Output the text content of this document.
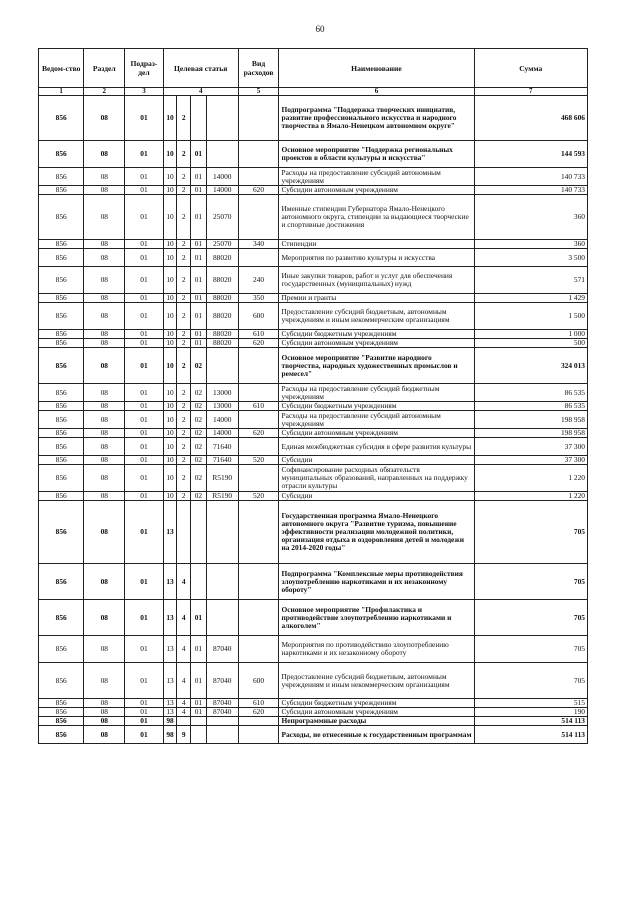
60
Ведом-ство	Раздел	Подраз-дел	Целевая статья				Вид расходов	Наименование	Сумма
1	2	3	4				5	6	7
856	08	01	10	2				Подпрограмма "Поддержка творческих инициатив, развитие профессионального искусства и народного творчества в Ямало-Ненецком автономном округе"	468 606
856	08	01	10	2	01			Основное мероприятие "Поддержка региональных проектов в области культуры и искусства"	144 593
856	08	01	10	2	01	14000		Расходы на предоставление субсидий автономным учреждениям	140 733
856	08	01	10	2	01	14000	620	Субсидии автономным учреждениям	140 733
856	08	01	10	2	01	25070		Именные стипендии Губернатора Ямало-Ненецкого автономного округа, стипендии за выдающиеся творческие и спортивные достижения	360
856	08	01	10	2	01	25070	340	Стипендии	360
856	08	01	10	2	01	88020		Мероприятия по развитию культуры и искусства	3 500
856	08	01	10	2	01	88020	240	Иные закупки товаров, работ и услуг для обеспечения государственных (муниципальных) нужд	571
856	08	01	10	2	01	88020	350	Премии и гранты	1 429
856	08	01	10	2	01	88020	600	Предоставление субсидий бюджетным, автономным учреждениям и иным некоммерческим организациям	1 500
856	08	01	10	2	01	88020	610	Субсидии бюджетным учреждениям	1 000
856	08	01	10	2	01	88020	620	Субсидии автономным учреждениям	500
856	08	01	10	2	02			Основное мероприятие "Развитие народного творчества, народных художественных промыслов и ремесел"	324 013
856	08	01	10	2	02	13000		Расходы на предоставление субсидий бюджетным учреждениям	86 535
856	08	01	10	2	02	13000	610	Субсидии бюджетным учреждениям	86 535
856	08	01	10	2	02	14000		Расходы на предоставление субсидий автономным учреждениям	198 958
856	08	01	10	2	02	14000	620	Субсидии автономным учреждениям	198 958
856	08	01	10	2	02	71640		Единая межбюджетная субсидия в сфере развития культуры	37 300
856	08	01	10	2	02	71640	520	Субсидии	37 300
856	08	01	10	2	02	R5190		Софинансирование расходных обязательств муниципальных образований, направленных на поддержку отрасли культуры	1 220
856	08	01	10	2	02	R5190	520	Субсидии	1 220
856	08	01	13					Государственная программа Ямало-Ненецкого автономного округа "Развитие туризма, повышение эффективности реализации молодежной политики, организация отдыха и оздоровления детей и молодежи на 2014-2020 годы"	705
856	08	01	13	4				Подпрограмма "Комплексные меры противодействия злоупотреблению наркотиками и их незаконному обороту"	705
856	08	01	13	4	01			Основное мероприятие "Профилактика и противодействие злоупотреблению наркотиками и алкоголем"	705
856	08	01	13	4	01	87040		Мероприятия по противодействию злоупотреблению наркотиками и их незаконному обороту	705
856	08	01	13	4	01	87040	600	Предоставление субсидий бюджетным, автономным учреждениям и иным некоммерческим организациям	705
856	08	01	13	4	01	87040	610	Субсидии бюджетным учреждениям	515
856	08	01	13	4	01	87040	620	Субсидии автономным учреждениям	190
856	08	01	98					Непрограммные расходы	514 113
856	08	01	98	9				Расходы, не отнесенные к государственным программам	514 113
